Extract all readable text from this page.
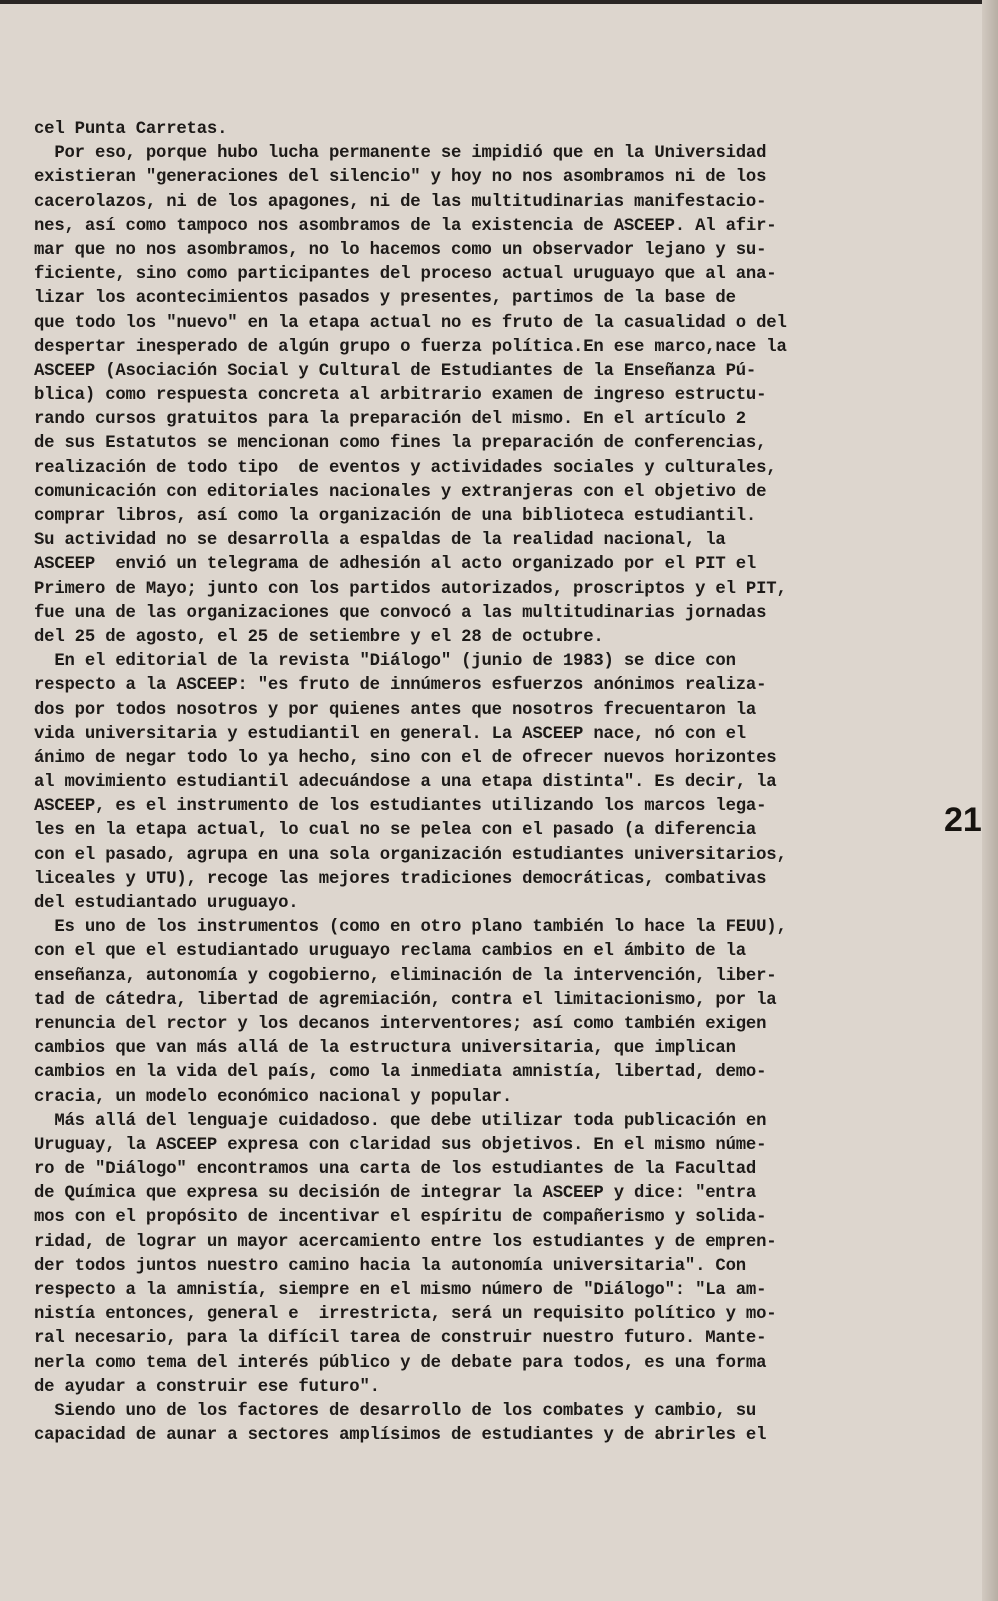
cel Punta Carretas.
Por eso, porque hubo lucha permanente se impidió que en la Universidad
existieran "generaciones del silencio" y hoy no nos asombramos ni de los
cacerolazos, ni de los apagones, ni de las multitudinarias manifestacio-
nes, así como tampoco nos asombramos de la existencia de ASCEEP. Al afir-
mar que no nos asombramos, no lo hacemos como un observador lejano y su-
ficiente, sino como participantes del proceso actual uruguayo que al ana-
lizar los acontecimientos pasados y presentes, partimos de la base de
que todo los "nuevo" en la etapa actual no es fruto de la casualidad o del
despertar inesperado de algún grupo o fuerza política.En ese marco,nace la
ASCEEP (Asociación Social y Cultural de Estudiantes de la Enseñanza Pú-
blica) como respuesta concreta al arbitrario examen de ingreso estructu-
rando cursos gratuitos para la preparación del mismo. En el artículo 2
de sus Estatutos se mencionan como fines la preparación de conferencias,
realización de todo tipo  de eventos y actividades sociales y culturales,
comunicación con editoriales nacionales y extranjeras con el objetivo de
comprar libros, así como la organización de una biblioteca estudiantil.
Su actividad no se desarrolla a espaldas de la realidad nacional, la
ASCEEP  envió un telegrama de adhesión al acto organizado por el PIT el
Primero de Mayo; junto con los partidos autorizados, proscriptos y el PIT,
fue una de las organizaciones que convocó a las multitudinarias jornadas
del 25 de agosto, el 25 de setiembre y el 28 de octubre.
En el editorial de la revista "Diálogo" (junio de 1983) se dice con
respecto a la ASCEEP: "es fruto de innúmeros esfuerzos anónimos realiza-
dos por todos nosotros y por quienes antes que nosotros frecuentaron la
vida universitaria y estudiantil en general. La ASCEEP nace, nó con el
ánimo de negar todo lo ya hecho, sino con el de ofrecer nuevos horizontes
al movimiento estudiantil adecuándose a una etapa distinta". Es decir, la
ASCEEP, es el instrumento de los estudiantes utilizando los marcos lega-
les en la etapa actual, lo cual no se pelea con el pasado (a diferencia
con el pasado, agrupa en una sola organización estudiantes universitarios,
liceales y UTU), recoge las mejores tradiciones democráticas, combativas
del estudiantado uruguayo.
Es uno de los instrumentos (como en otro plano también lo hace la FEUU),
con el que el estudiantado uruguayo reclama cambios en el ámbito de la
enseñanza, autonomía y cogobierno, eliminación de la intervención, liber-
tad de cátedra, libertad de agremiación, contra el limitacionismo, por la
renuncia del rector y los decanos interventores; así como también exigen
cambios que van más allá de la estructura universitaria, que implican
cambios en la vida del país, como la inmediata amnistía, libertad, demo-
cracia, un modelo económico nacional y popular.
Más allá del lenguaje cuidadoso. que debe utilizar toda publicación en
Uruguay, la ASCEEP expresa con claridad sus objetivos. En el mismo núme-
ro de "Diálogo" encontramos una carta de los estudiantes de la Facultad
de Química que expresa su decisión de integrar la ASCEEP y dice: "entra
mos con el propósito de incentivar el espíritu de compañerismo y solida-
ridad, de lograr un mayor acercamiento entre los estudiantes y de empren-
der todos juntos nuestro camino hacia la autonomía universitaria". Con
respecto a la amnistía, siempre en el mismo número de "Diálogo": "La am-
nistía entonces, general e  irrestricta, será un requisito político y mo-
ral necesario, para la difícil tarea de construir nuestro futuro. Mante-
nerla como tema del interés público y de debate para todos, es una forma
de ayudar a construir ese futuro".
Siendo uno de los factores de desarrollo de los combates y cambio, su
capacidad de aunar a sectores amplísimos de estudiantes y de abrirles el
21
